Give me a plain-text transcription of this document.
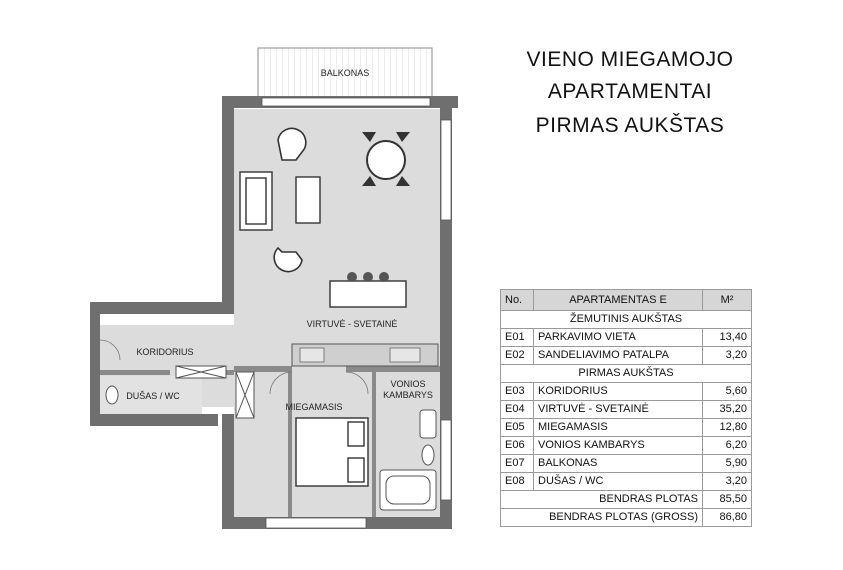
BALKONAS
VIRTUVĖ - SVETAINĖ
KORIDORIUS
DUŠAS / WC
MIEGAMASIS
VONIOS
KAMBARYS
VIENO MIEGAMOJO
APARTAMENTAI
PIRMAS AUKŠTAS
No.	APARTAMENTAS E	M²
ŽEMUTINIS AUKŠTAS		
E01	PARKAVIMO VIETA	13,40
E02	SANDELIAVIMO PATALPA	3,20
PIRMAS AUKŠTAS		
E03	KORIDORIUS	5,60
E04	VIRTUVĖ - SVETAINĖ	35,20
E05	MIEGAMASIS	12,80
E06	VONIOS KAMBARYS	6,20
E07	BALKONAS	5,90
E08	DUŠAS / WC	3,20
BENDRAS PLOTAS		85,50
BENDRAS PLOTAS (GROSS)		86,80
